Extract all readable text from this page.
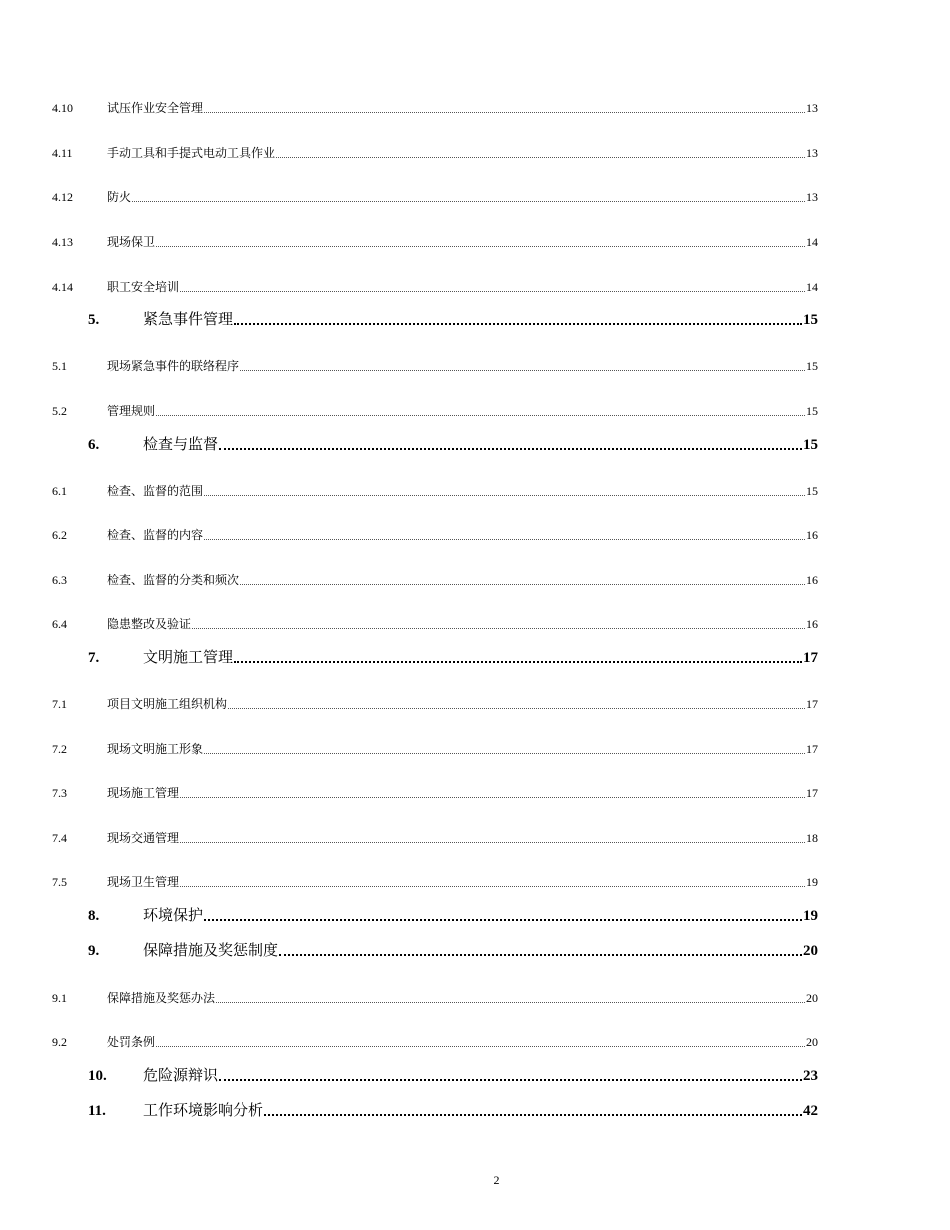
4.10	试压作业安全管理	13
4.11	手动工具和手提式电动工具作业	13
4.12	防火	13
4.13	现场保卫	14
4.14	职工安全培训	14
5.	紧急事件管理	15
5.1	现场紧急事件的联络程序	15
5.2	管理规则	15
6.	检查与监督	15
6.1	检查、监督的范围	15
6.2	检查、监督的内容	16
6.3	检查、监督的分类和频次	16
6.4	隐患整改及验证	16
7.	文明施工管理	17
7.1	项目文明施工组织机构	17
7.2	现场文明施工形象	17
7.3	现场施工管理	17
7.4	现场交通管理	18
7.5	现场卫生管理	19
8.	环境保护	19
9.	保障措施及奖惩制度	20
9.1	保障措施及奖惩办法	20
9.2	处罚条例	20
10.	危险源辩识	23
11.	工作环境影响分析	42
2
